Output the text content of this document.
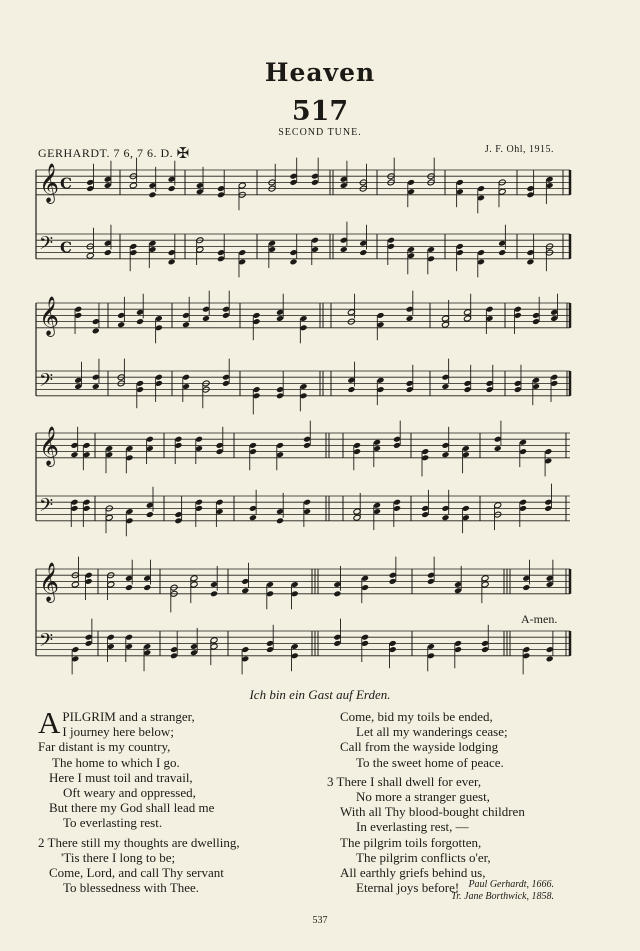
Heaven
517
SECOND TUNE.
GERHARDT. 7 6, 7 6. D. ✠	J. F. Ohl, 1915.
𝄞 C
𝄢 C
𝄞
𝄢
𝄞
𝄢
𝄞
𝄢
A-men.
Ich bin ein Gast auf Erden.
A PILGRIM and a stranger,
I journey here below;
Far distant is my country,
The home to which I go.
Here I must toil and travail,
Oft weary and oppressed,
But there my God shall lead me
To everlasting rest.
2 There still my thoughts are dwelling,
'Tis there I long to be;
Come, Lord, and call Thy servant
To blessedness with Thee.
Come, bid my toils be ended,
Let all my wanderings cease;
Call from the wayside lodging
To the sweet home of peace.
3 There I shall dwell for ever,
No more a stranger guest,
With all Thy blood-bought children
In everlasting rest, —
The pilgrim toils forgotten,
The pilgrim conflicts o'er,
All earthly griefs behind us,
Eternal joys before! Paul Gerhardt, 1666.
Tr. Jane Borthwick, 1858.
537
